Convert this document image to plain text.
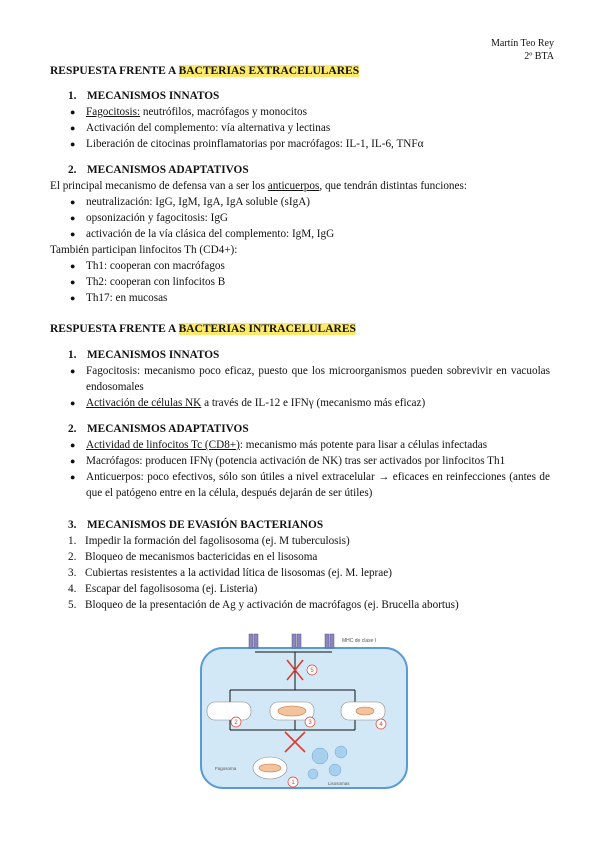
Martín Teo Rey
2º BTA
RESPUESTA FRENTE A BACTERIAS EXTRACELULARES
1. MECANISMOS INNATOS
● Fagocitosis: neutrófilos, macrófagos y monocitos
● Activación del complemento: vía alternativa y lectinas
● Liberación de citocinas proinflamatorias por macrófagos: IL-1, IL-6, TNFα
2. MECANISMOS ADAPTATIVOS
El principal mecanismo de defensa van a ser los anticuerpos, que tendrán distintas funciones:
● neutralización: IgG, IgM, IgA, IgA soluble (sIgA)
● opsonización y fagocitosis: IgG
● activación de la vía clásica del complemento: IgM, IgG
También participan linfocitos Th (CD4+):
● Th1: cooperan con macrófagos
● Th2: cooperan con linfocitos B
● Th17: en mucosas
RESPUESTA FRENTE A BACTERIAS INTRACELULARES
1. MECANISMOS INNATOS
● Fagocitosis: mecanismo poco eficaz, puesto que los microorganismos pueden sobrevivir en vacuolas endosomales
● Activación de células NK a través de IL-12 e IFNγ (mecanismo más eficaz)
2. MECANISMOS ADAPTATIVOS
● Actividad de linfocitos Tc (CD8+): mecanismo más potente para lisar a células infectadas
● Macrófagos: producen IFNγ (potencia activación de NK) tras ser activados por linfocitos Th1
● Anticuerpos: poco efectivos, sólo son útiles a nivel extracelular → eficaces en reinfecciones (antes de que el patógeno entre en la célula, después dejarán de ser útiles)
3. MECANISMOS DE EVASIÓN BACTERIANOS
1. Impedir la formación del fagolisosoma (ej. M tuberculosis)
2. Bloqueo de mecanismos bactericidas en el lisosoma
3. Cubiertas resistentes a la actividad lítica de lisosomas (ej. M. leprae)
4. Escapar del fagolisosoma (ej. Listeria)
5. Bloqueo de la presentación de Ag y activación de macrófagos (ej. Brucella abortus)
MHC de clase I
Fagosoma
Lisosomas
1
2	3	4
5
